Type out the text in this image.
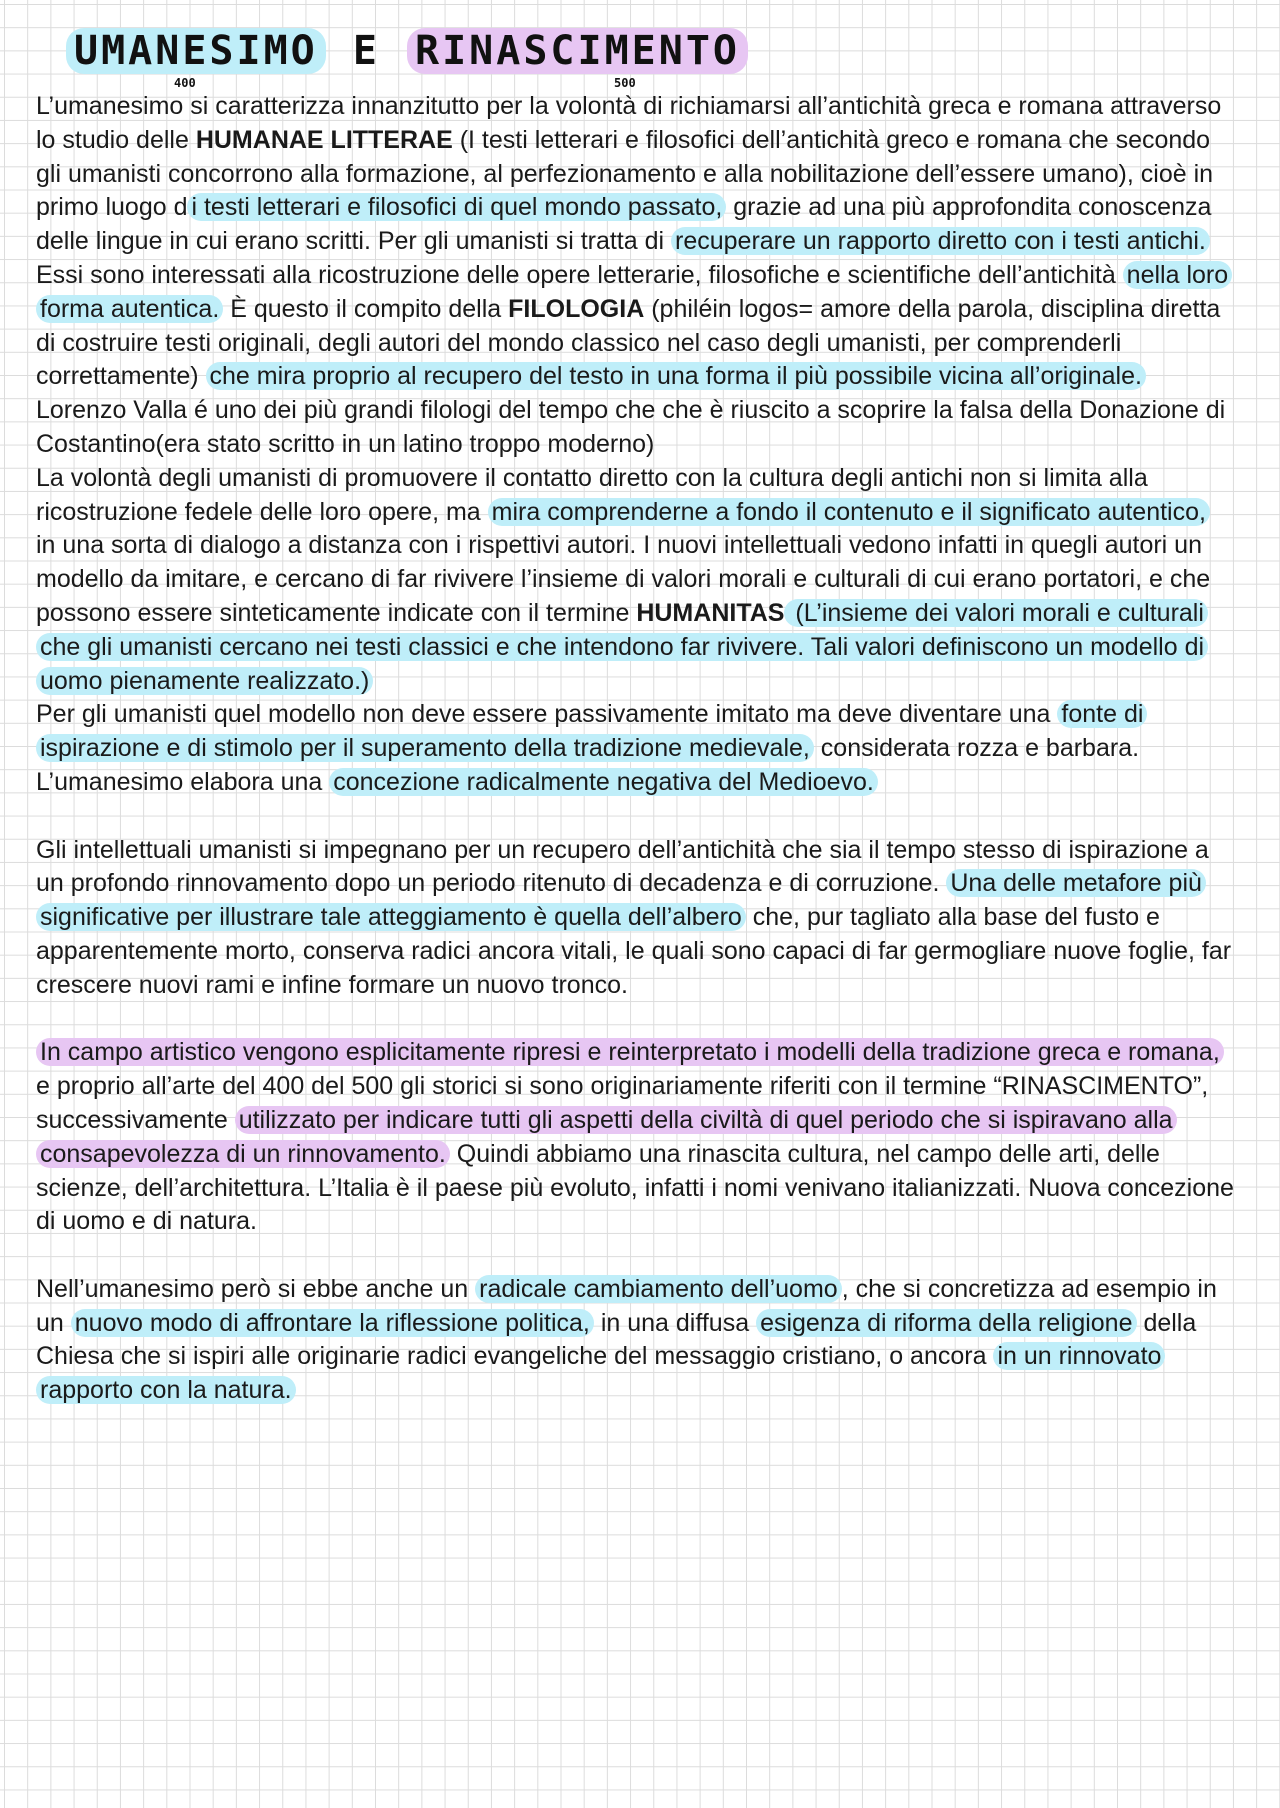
UMANESIMO E RINASCIMENTO
400	500

L’umanesimo si caratterizza innanzitutto per la volontà di richiamarsi all’antichità greca e romana attraverso lo studio delle HUMANAE LITTERAE (I testi letterari e filosofici dell’antichità greco e romana che secondo gli umanisti concorrono alla formazione, al perfezionamento e alla nobilitazione dell’essere umano), cioè in primo luogo d i testi letterari e filosofici di quel mondo passato, grazie ad una più approfondita conoscenza delle lingue in cui erano scritti. Per gli umanisti si tratta di recuperare un rapporto diretto con i testi antichi.

Essi sono interessati alla ricostruzione delle opere letterarie, filosofiche e scientifiche dell’antichità nella loro forma autentica. È questo il compito della FILOLOGIA (philéin logos= amore della parola, disciplina diretta di costruire testi originali, degli autori del mondo classico nel caso degli umanisti, per comprenderli correttamente) che mira proprio al recupero del testo in una forma il più possibile vicina all’originale. Lorenzo Valla é uno dei più grandi filologi del tempo che che è riuscito a scoprire la falsa della Donazione di Costantino(era stato scritto in un latino troppo moderno)

La volontà degli umanisti di promuovere il contatto diretto con la cultura degli antichi non si limita alla ricostruzione fedele delle loro opere, ma mira comprenderne a fondo il contenuto e il significato autentico, in una sorta di dialogo a distanza con i rispettivi autori. I nuovi intellettuali vedono infatti in quegli autori un modello da imitare, e cercano di far rivivere l’insieme di valori morali e culturali di cui erano portatori, e che possono essere sinteticamente indicate con il termine HUMANITAS (L’insieme dei valori morali e culturali che gli umanisti cercano nei testi classici e che intendono far rivivere. Tali valori definiscono un modello di uomo pienamente realizzato.)

Per gli umanisti quel modello non deve essere passivamente imitato ma deve diventare una fonte di ispirazione e di stimolo per il superamento della tradizione medievale, considerata rozza e barbara. L’umanesimo elabora una concezione radicalmente negativa del Medioevo.

Gli intellettuali umanisti si impegnano per un recupero dell’antichità che sia il tempo stesso di ispirazione a un profondo rinnovamento dopo un periodo ritenuto di decadenza e di corruzione. Una delle metafore più significative per illustrare tale atteggiamento è quella dell’albero che, pur tagliato alla base del fusto e apparentemente morto, conserva radici ancora vitali, le quali sono capaci di far germogliare nuove foglie, far crescere nuovi rami e infine formare un nuovo tronco.

In campo artistico vengono esplicitamente ripresi e reinterpretato i modelli della tradizione greca e romana, e proprio all’arte del 400 del 500 gli storici si sono originariamente riferiti con il termine “RINASCIMENTO”, successivamente utilizzato per indicare tutti gli aspetti della civiltà di quel periodo che si ispiravano alla consapevolezza di un rinnovamento. Quindi abbiamo una rinascita cultura, nel campo delle arti, delle scienze, dell’architettura. L’Italia è il paese più evoluto, infatti i nomi venivano italianizzati. Nuova concezione di uomo e di natura.

Nell’umanesimo però si ebbe anche un radicale cambiamento dell’uomo , che si concretizza ad esempio in un nuovo modo di affrontare la riflessione politica, in una diffusa esigenza di riforma della religione della Chiesa che si ispiri alle originarie radici evangeliche del messaggio cristiano, o ancora in un rinnovato rapporto con la natura.
